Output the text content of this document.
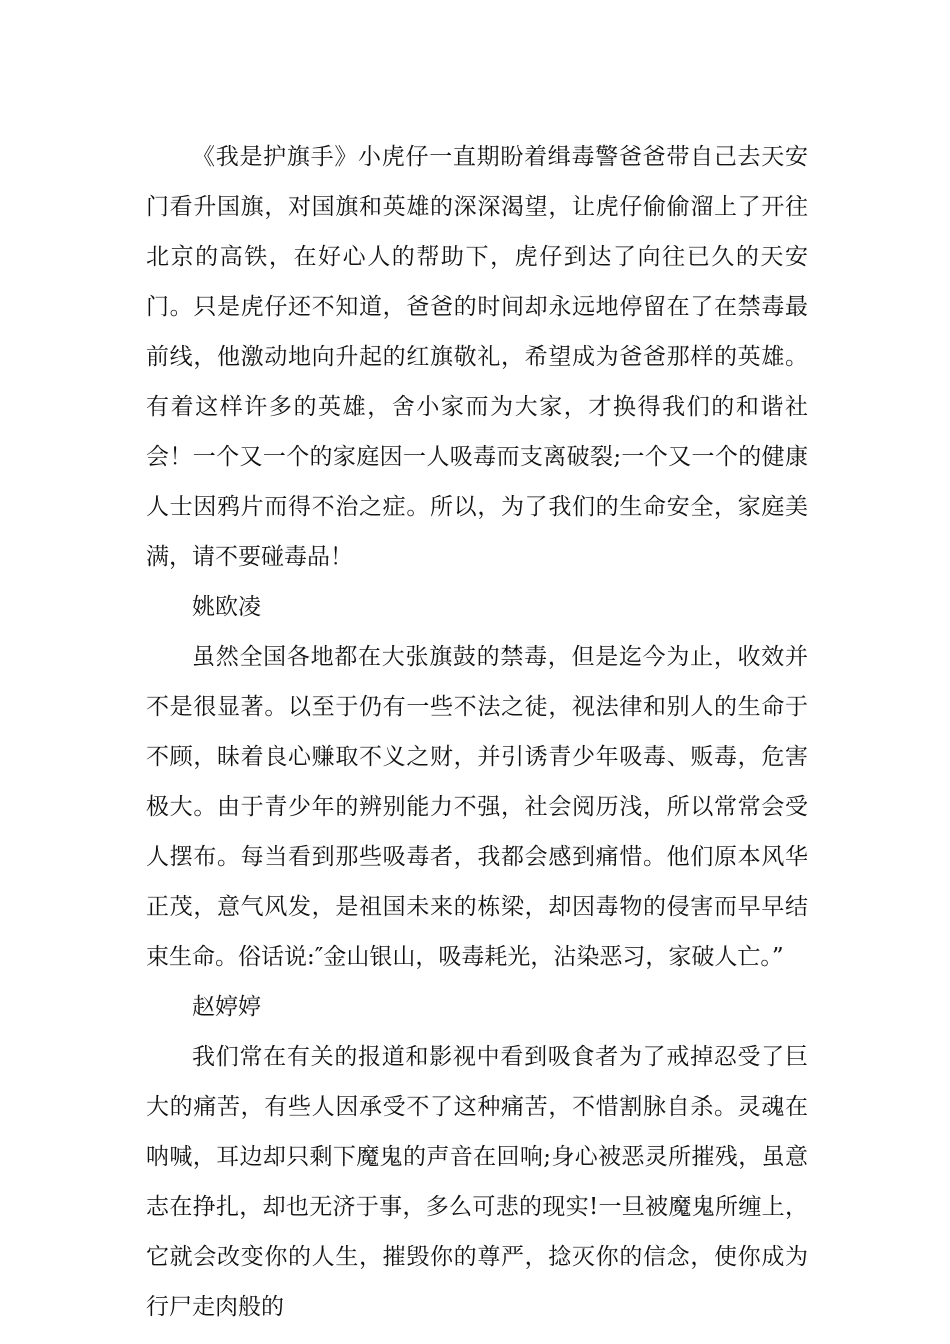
《我是护旗手》小虎仔一直期盼着缉毒警爸爸带自己去天安门看升国旗，对国旗和英雄的深深渴望，让虎仔偷偷溜上了开往北京的高铁，在好心人的帮助下，虎仔到达了向往已久的天安门。只是虎仔还不知道，爸爸的时间却永远地停留在了在禁毒最前线，他激动地向升起的红旗敬礼，希望成为爸爸那样的英雄。有着这样许多的英雄，舍小家而为大家，才换得我们的和谐社会！一个又一个的家庭因一人吸毒而支离破裂;一个又一个的健康人士因鸦片而得不治之症。所以，为了我们的生命安全，家庭美满，请不要碰毒品！

姚欧凌

虽然全国各地都在大张旗鼓的禁毒，但是迄今为止，收效并不是很显著。以至于仍有一些不法之徒，视法律和别人的生命于不顾，昧着良心赚取不义之财，并引诱青少年吸毒、贩毒，危害极大。由于青少年的辨别能力不强，社会阅历浅，所以常常会受人摆布。每当看到那些吸毒者，我都会感到痛惜。他们原本风华正茂，意气风发，是祖国未来的栋梁，却因毒物的侵害而早早结束生命。俗话说:″金山银山，吸毒耗光，沾染恶习，家破人亡。”

赵婷婷

我们常在有关的报道和影视中看到吸食者为了戒掉忍受了巨大的痛苦，有些人因承受不了这种痛苦，不惜割脉自杀。灵魂在呐喊，耳边却只剩下魔鬼的声音在回响;身心被恶灵所摧残，虽意志在挣扎，却也无济于事，多么可悲的现实!一旦被魔鬼所缠上，它就会改变你的人生，摧毁你的尊严，捻灭你的信念，使你成为行尸走肉般的
